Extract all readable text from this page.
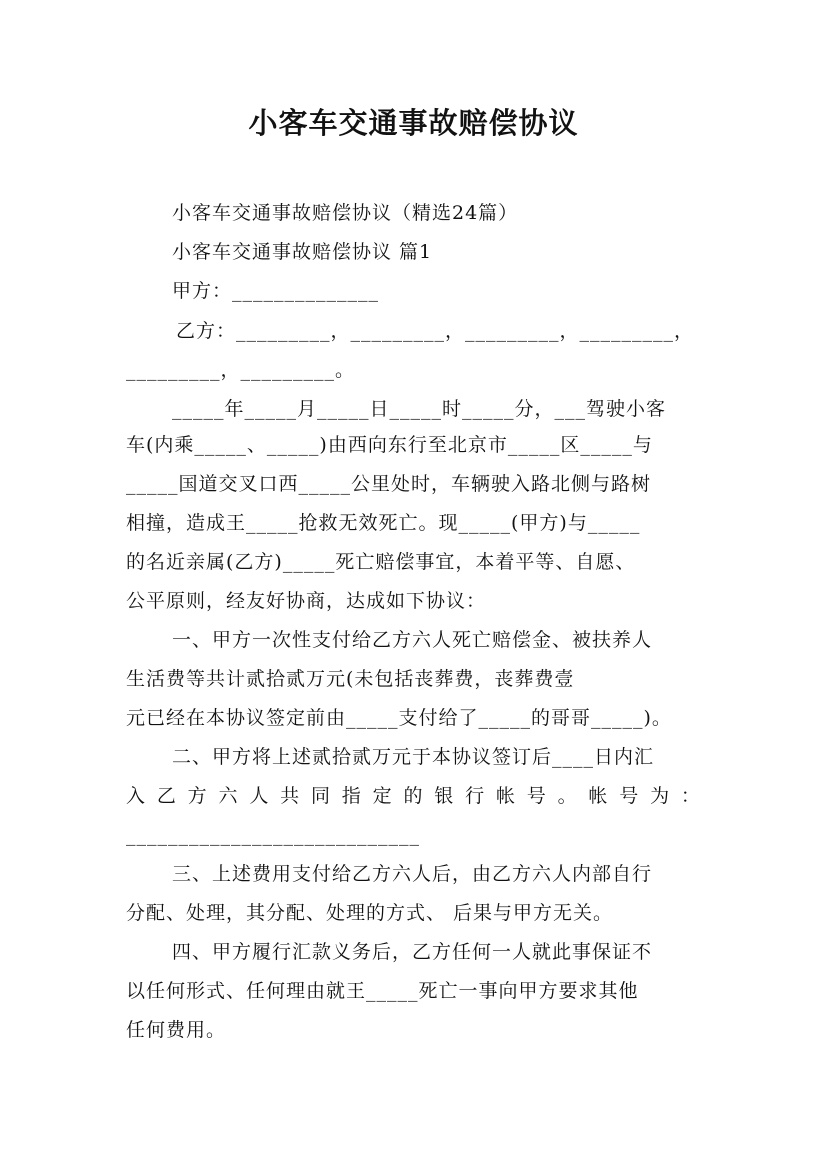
小客车交通事故赔偿协议
小客车交通事故赔偿协议（精选24篇）
小客车交通事故赔偿协议 篇1
甲方：______________
乙方：_________，_________，_________，_________，
_________，_________。
_____年_____月_____日_____时_____分，___驾驶小客
车(内乘_____、_____)由西向东行至北京市_____区_____与
_____国道交叉口西_____公里处时，车辆驶入路北侧与路树
相撞，造成王_____抢救无效死亡。现_____(甲方)与_____
的名近亲属(乙方)_____死亡赔偿事宜，本着平等、自愿、
公平原则，经友好协商，达成如下协议：
一、甲方一次性支付给乙方六人死亡赔偿金、被扶养人
生活费等共计贰拾贰万元(未包括丧葬费，丧葬费壹
元已经在本协议签定前由_____支付给了_____的哥哥_____)。
二、甲方将上述贰拾贰万元于本协议签订后____日内汇
入 乙 方 六 人 共 同 指 定 的 银 行 帐 号 。 帐 号 为 ：
____________________________
三、上述费用支付给乙方六人后，由乙方六人内部自行
分配、处理，其分配、处理的方式、 后果与甲方无关。
四、甲方履行汇款义务后，乙方任何一人就此事保证不
以任何形式、任何理由就王_____死亡一事向甲方要求其他
任何费用。
